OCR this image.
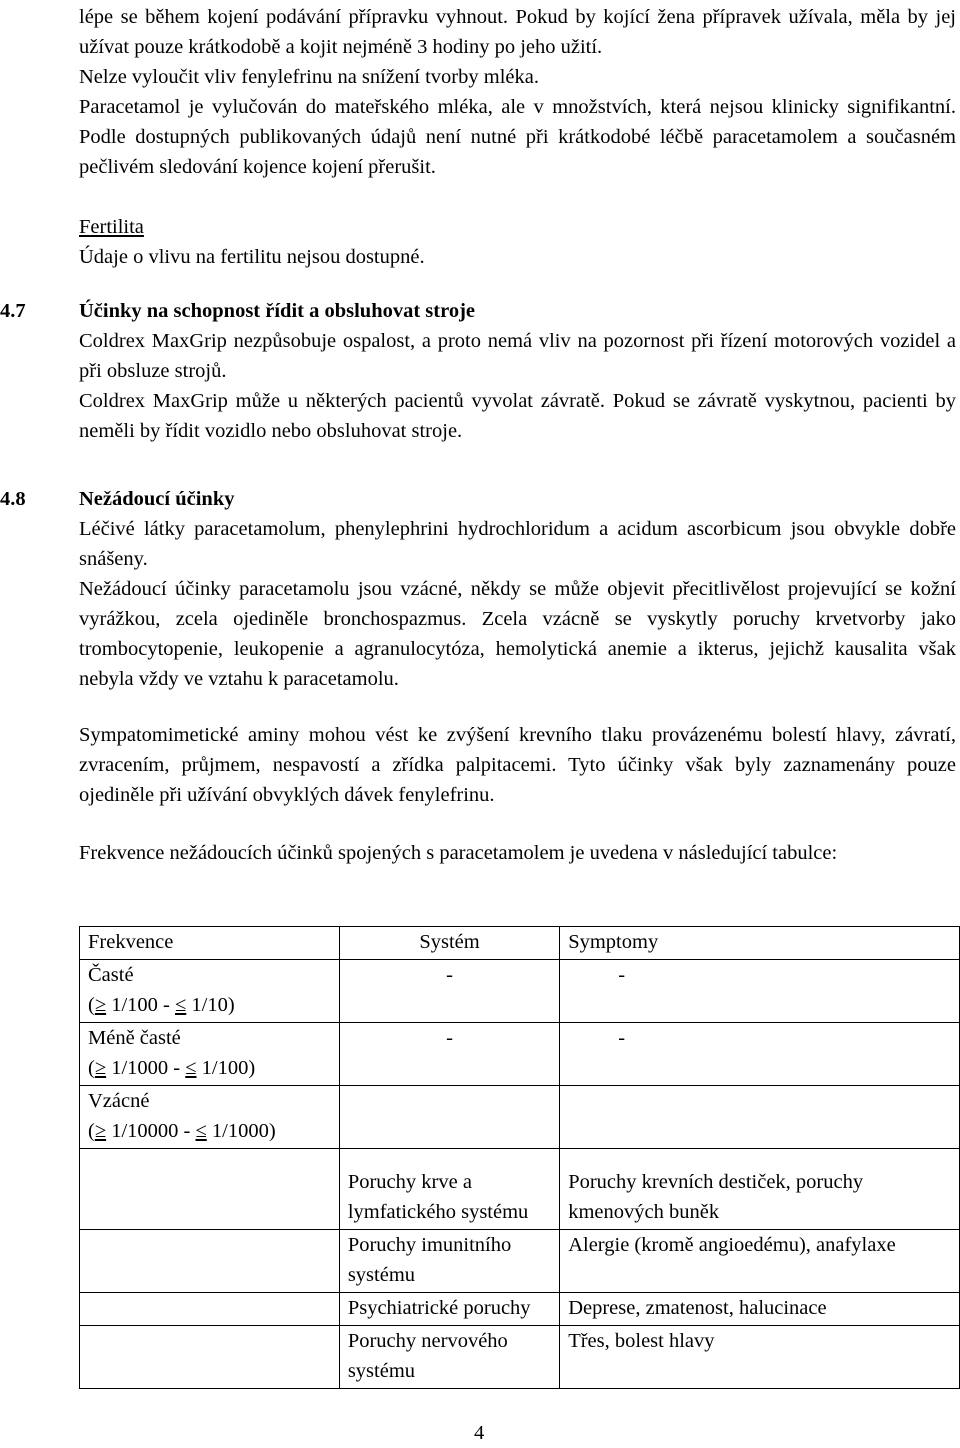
lépe se během kojení podávání přípravku vyhnout. Pokud by kojící žena přípravek užívala, měla by jej užívat pouze krátkodobě a kojit nejméně 3 hodiny po jeho užití.

Nelze vyloučit vliv fenylefrinu na snížení tvorby mléka.

Paracetamol je vylučován do mateřského mléka, ale v množstvích, která nejsou klinicky signifikantní. Podle dostupných publikovaných údajů není nutné při krátkodobé léčbě paracetamolem a současném pečlivém sledování kojence kojení přerušit.

Fertilita

Údaje o vlivu na fertilitu nejsou dostupné.

4.7	Účinky na schopnost řídit a obsluhovat stroje

Coldrex MaxGrip nezpůsobuje ospalost, a proto nemá vliv na pozornost při řízení motorových vozidel a při obsluze strojů.

Coldrex MaxGrip může u některých pacientů vyvolat závratě. Pokud se závratě vyskytnou, pacienti by neměli by řídit vozidlo nebo obsluhovat stroje.

4.8	Nežádoucí účinky

Léčivé látky paracetamolum, phenylephrini hydrochloridum a acidum ascorbicum jsou obvykle dobře snášeny.

Nežádoucí účinky paracetamolu jsou vzácné, někdy se může objevit přecitlivělost projevující se kožní vyrážkou, zcela ojediněle bronchospazmus. Zcela vzácně se vyskytly poruchy krvetvorby jako trombocytopenie, leukopenie a agranulocytóza, hemolytická anemie a ikterus, jejichž kausalita však nebyla vždy ve vztahu k paracetamolu.

Sympatomimetické aminy mohou vést ke zvýšení krevního tlaku provázenému bolestí hlavy, závratí, zvracením, průjmem, nespavostí a zřídka palpitacemi. Tyto účinky však byly zaznamenány pouze ojediněle při užívání obvyklých dávek fenylefrinu.

Frekvence nežádoucích účinků spojených s paracetamolem je uvedena v následující tabulce:

Frekvence	Systém	Symptomy

Časté
(≥ 1/100 - ≤ 1/10)	-	-

Méně časté
(≥ 1/1000 - ≤ 1/100)	-	-

Vzácné
(≥ 1/10000 - ≤ 1/1000)		

	Poruchy krve a lymfatického systému	Poruchy krevních destiček, poruchy kmenových buněk
	Poruchy imunitního systému	Alergie (kromě angioedému), anafylaxe
	Psychiatrické poruchy	Deprese, zmatenost, halucinace
	Poruchy nervového systému	Třes, bolest hlavy

4
